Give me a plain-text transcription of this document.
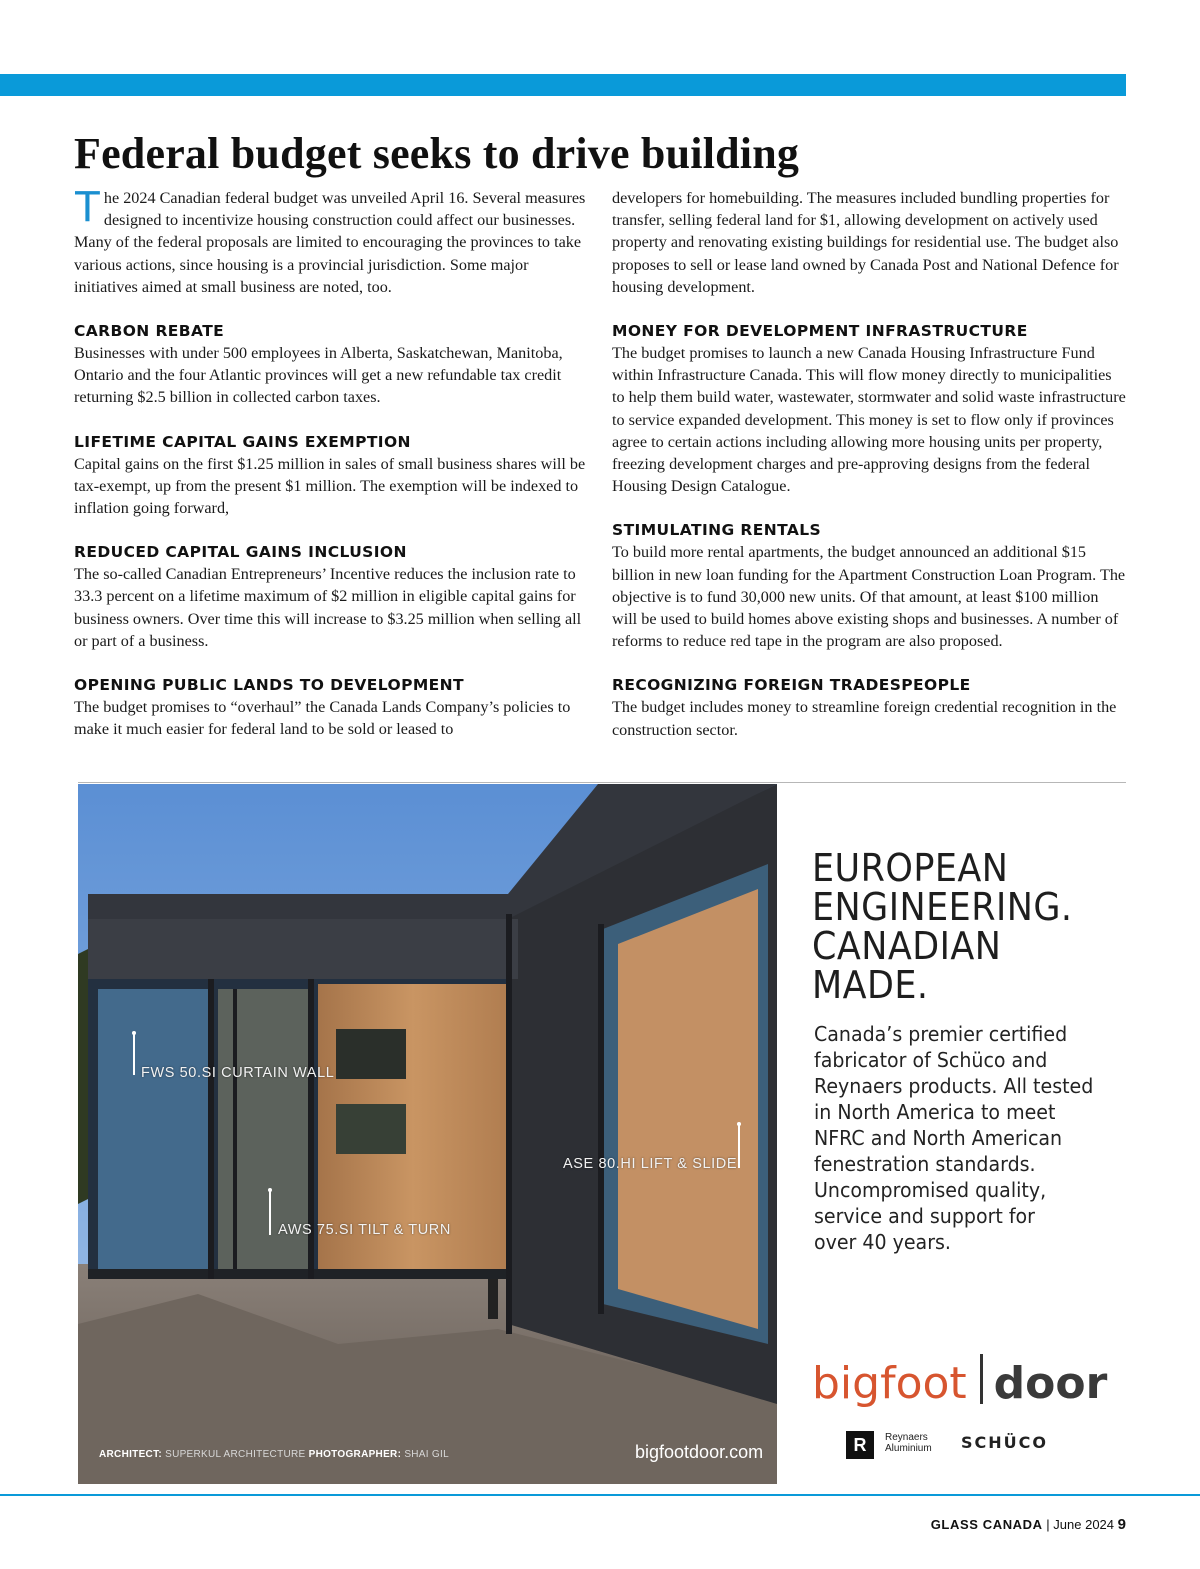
Federal budget seeks to drive building

The 2024 Canadian federal budget was unveiled April 16. Several measures designed to incentivize housing construction could affect our businesses. Many of the federal proposals are limited to encouraging the provinces to take various actions, since housing is a provincial jurisdiction. Some major initiatives aimed at small business are noted, too.

CARBON REBATE

Businesses with under 500 employees in Alberta, Saskatchewan, Manitoba, Ontario and the four Atlantic provinces will get a new refundable tax credit returning $2.5 billion in collected carbon taxes.

LIFETIME CAPITAL GAINS EXEMPTION

Capital gains on the first $1.25 million in sales of small business shares will be tax-exempt, up from the present $1 million. The exemption will be indexed to inflation going forward,

REDUCED CAPITAL GAINS INCLUSION

The so-called Canadian Entrepreneurs’ Incentive reduces the inclusion rate to 33.3 percent on a lifetime maximum of $2 million in eligible capital gains for business owners. Over time this will increase to $3.25 million when selling all or part of a business.

OPENING PUBLIC LANDS TO DEVELOPMENT

The budget promises to “overhaul” the Canada Lands Company’s policies to make it much easier for federal land to be sold or leased to

developers for homebuilding. The measures included bundling properties for transfer, selling federal land for $1, allowing development on actively used property and renovating existing buildings for residential use. The budget also proposes to sell or lease land owned by Canada Post and National Defence for housing development.

MONEY FOR DEVELOPMENT INFRASTRUCTURE

The budget promises to launch a new Canada Housing Infrastructure Fund within Infrastructure Canada. This will flow money directly to municipalities to help them build water, wastewater, stormwater and solid waste infrastructure to service expanded development. This money is set to flow only if provinces agree to certain actions including allowing more housing units per property, freezing development charges and pre-approving designs from the federal Housing Design Catalogue.

STIMULATING RENTALS

To build more rental apartments, the budget announced an additional $15 billion in new loan funding for the Apartment Construction Loan Program. The objective is to fund 30,000 new units. Of that amount, at least $100 million will be used to build homes above existing shops and businesses. A number of reforms to reduce red tape in the program are also proposed.

RECOGNIZING FOREIGN TRADESPEOPLE

The budget includes money to streamline foreign credential recognition in the construction sector.

FWS 50.SI CURTAIN WALL
AWS 75.SI TILT & TURN
ASE 80.HI LIFT & SLIDE
ARCHITECT: SUPERKUL ARCHITECTURE PHOTOGRAPHER: SHAI GIL	bigfootdoor.com
EUROPEAN
ENGINEERING.
CANADIAN
MADE.
Canada’s premier certified
fabricator of Schüco and
Reynaers products. All tested
in North America to meet
NFRC and North American
fenestration standards.
Uncompromised quality,
service and support for
over 40 years.
bigfoot door
R	Reynaers
Aluminium SCHÜCO
GLASS CANADA | June 2024 9
